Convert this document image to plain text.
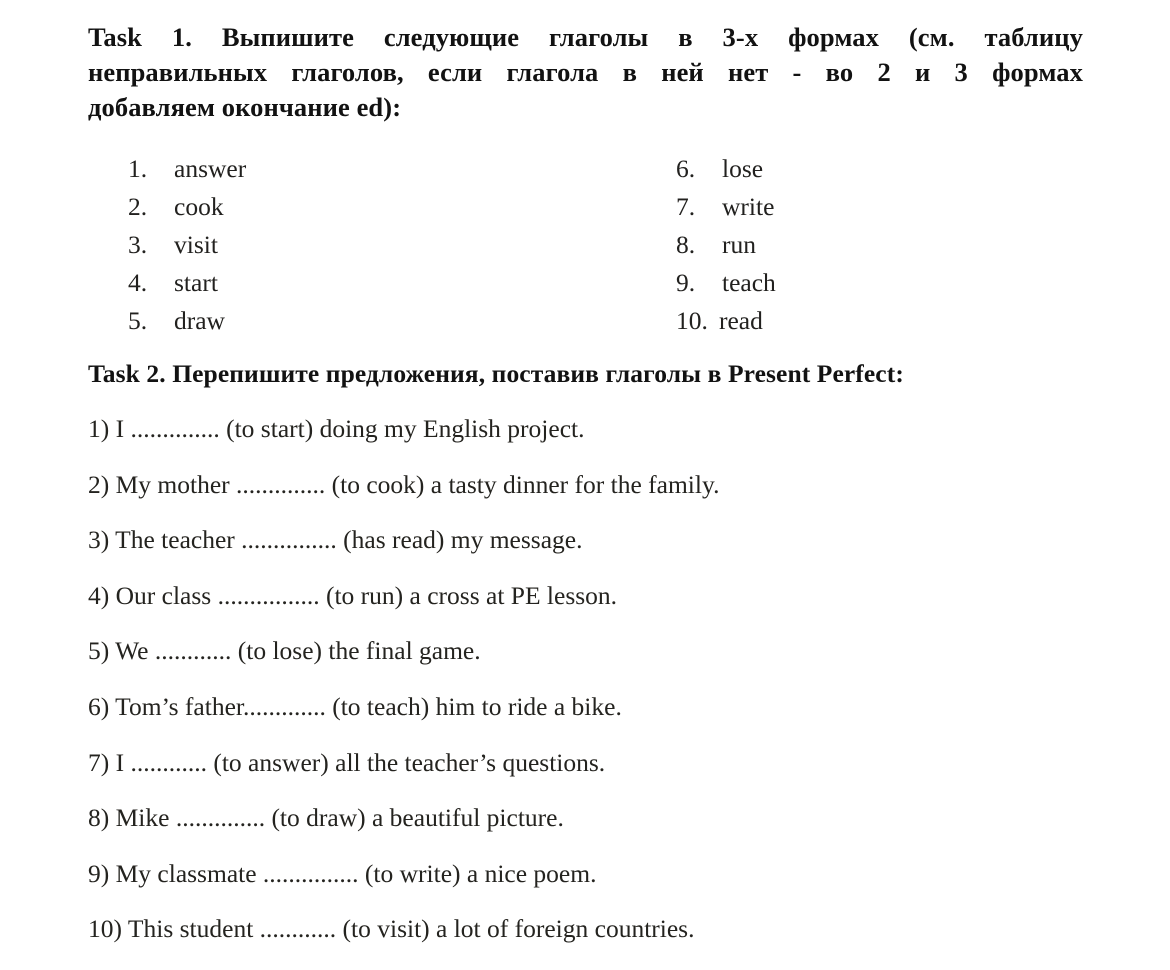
Task 1. Выпишите следующие глаголы в 3-х формах (см. таблицу
неправильных глаголов, если глагола в ней нет - во 2 и 3 формах
добавляем окончание ed):
1.	answer
2.	cook
3.	visit
4.	start
5.	draw
6.	lose
7.	write
8.	run
9.	teach
10. read
Task 2. Перепишите предложения, поставив глаголы в Present Perfect:
1) I .............. (to start) doing my English project.
2) My mother .............. (to cook) a tasty dinner for the family.
3) The teacher ............... (has read) my message.
4) Our class ................ (to run) a cross at PE lesson.
5) We ............ (to lose) the final game.
6) Tom’s father............. (to teach) him to ride a bike.
7) I ............ (to answer) all the teacher’s questions.
8) Mike .............. (to draw) a beautiful picture.
9) My classmate ............... (to write) a nice poem.
10) This student ............ (to visit) a lot of foreign countries.
